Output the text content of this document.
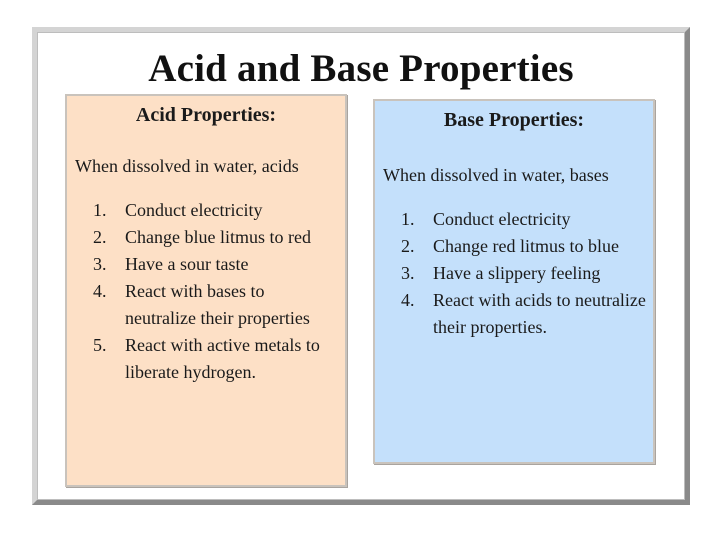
Acid and Base Properties
Acid Properties:
When dissolved in water, acids
1. Conduct electricity
2. Change blue litmus to red
3. Have a sour taste
4. React with bases to neutralize their properties
5. React with active metals to liberate hydrogen.
Base Properties:
When dissolved in water, bases
1. Conduct electricity
2. Change red litmus to blue
3. Have a slippery feeling
4. React with acids to neutralize their properties.
